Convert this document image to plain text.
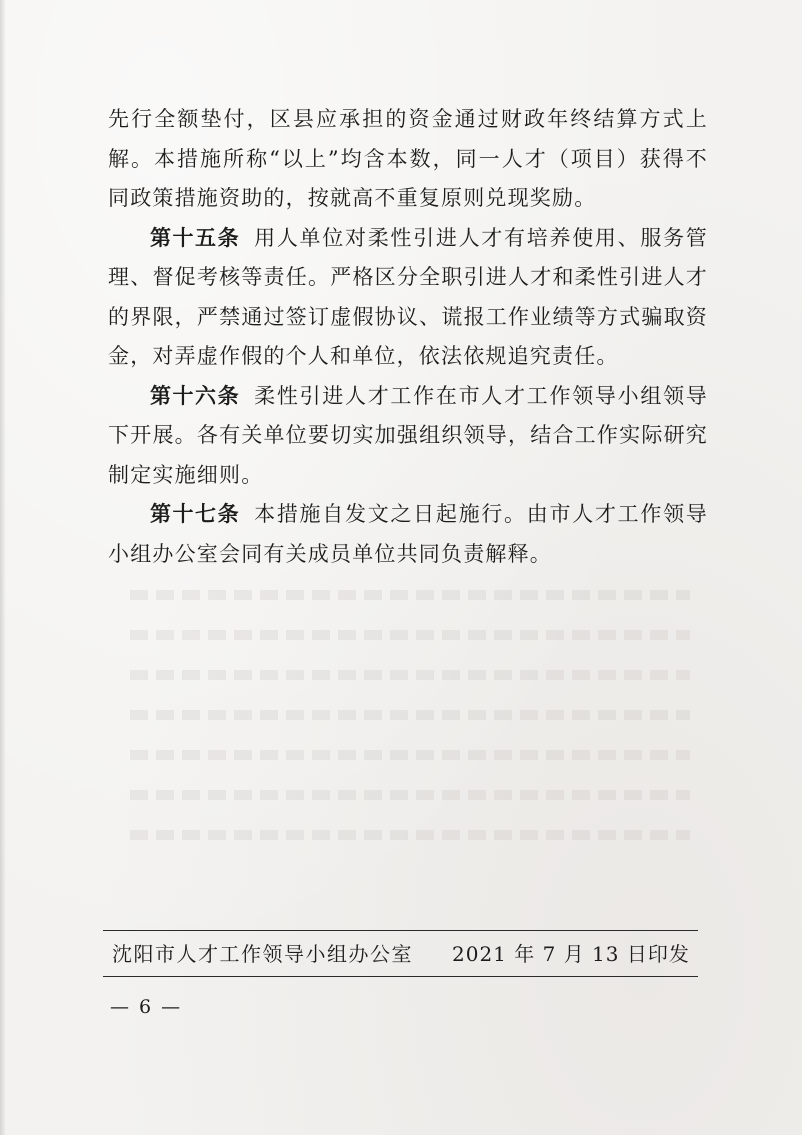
先行全额垫付，区县应承担的资金通过财政年终结算方式上解。本措施所称“以上”均含本数，同一人才（项目）获得不同政策措施资助的，按就高不重复原则兑现奖励。

第十五条 用人单位对柔性引进人才有培养使用、服务管理、督促考核等责任。严格区分全职引进人才和柔性引进人才的界限，严禁通过签订虚假协议、谎报工作业绩等方式骗取资金，对弄虚作假的个人和单位，依法依规追究责任。

第十六条 柔性引进人才工作在市人才工作领导小组领导下开展。各有关单位要切实加强组织领导，结合工作实际研究制定实施细则。

第十七条 本措施自发文之日起施行。由市人才工作领导小组办公室会同有关成员单位共同负责解释。

沈阳市人才工作领导小组办公室 2021 年 7 月 13 日印发
— 6 —
